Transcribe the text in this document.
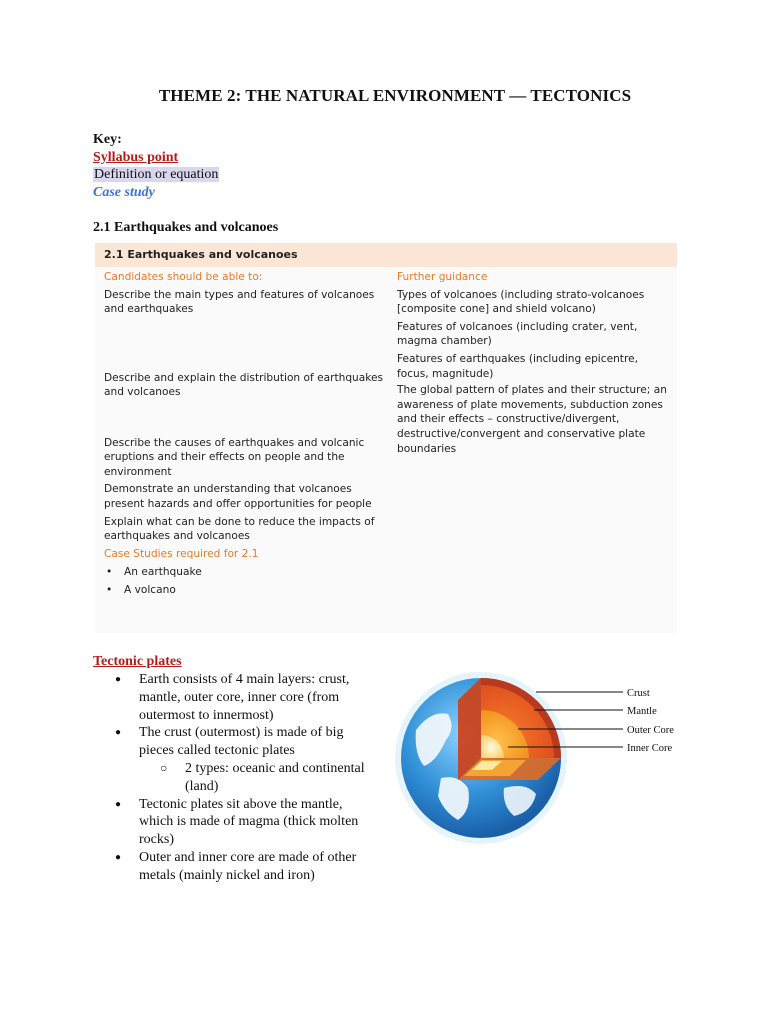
THEME 2: THE NATURAL ENVIRONMENT — TECTONICS
Key:
Syllabus point
Definition or equation
Case study
2.1 Earthquakes and volcanoes
2.1 Earthquakes and volcanoes
Candidates should be able to:
Describe the main types and features of volcanoes and earthquakes
Describe and explain the distribution of earthquakes and volcanoes
Describe the causes of earthquakes and volcanic eruptions and their effects on people and the environment
Demonstrate an understanding that volcanoes present hazards and offer opportunities for people
Explain what can be done to reduce the impacts of earthquakes and volcanoes
Case Studies required for 2.1
• An earthquake
• A volcano
Further guidance
Types of volcanoes (including strato-volcanoes [composite cone] and shield volcano)
Features of volcanoes (including crater, vent, magma chamber)
Features of earthquakes (including epicentre, focus, magnitude)
The global pattern of plates and their structure; an awareness of plate movements, subduction zones and their effects – constructive/divergent, destructive/convergent and conservative plate boundaries
Tectonic plates
● Earth consists of 4 main layers: crust, mantle, outer core, inner core (from outermost to innermost)
● The crust (outermost) is made of big pieces called tectonic plates
○ 2 types: oceanic and continental (land)
● Tectonic plates sit above the mantle, which is made of magma (thick molten rocks)
● Outer and inner core are made of other metals (mainly nickel and iron)
Crust
Mantle
Outer Core
Inner Core
